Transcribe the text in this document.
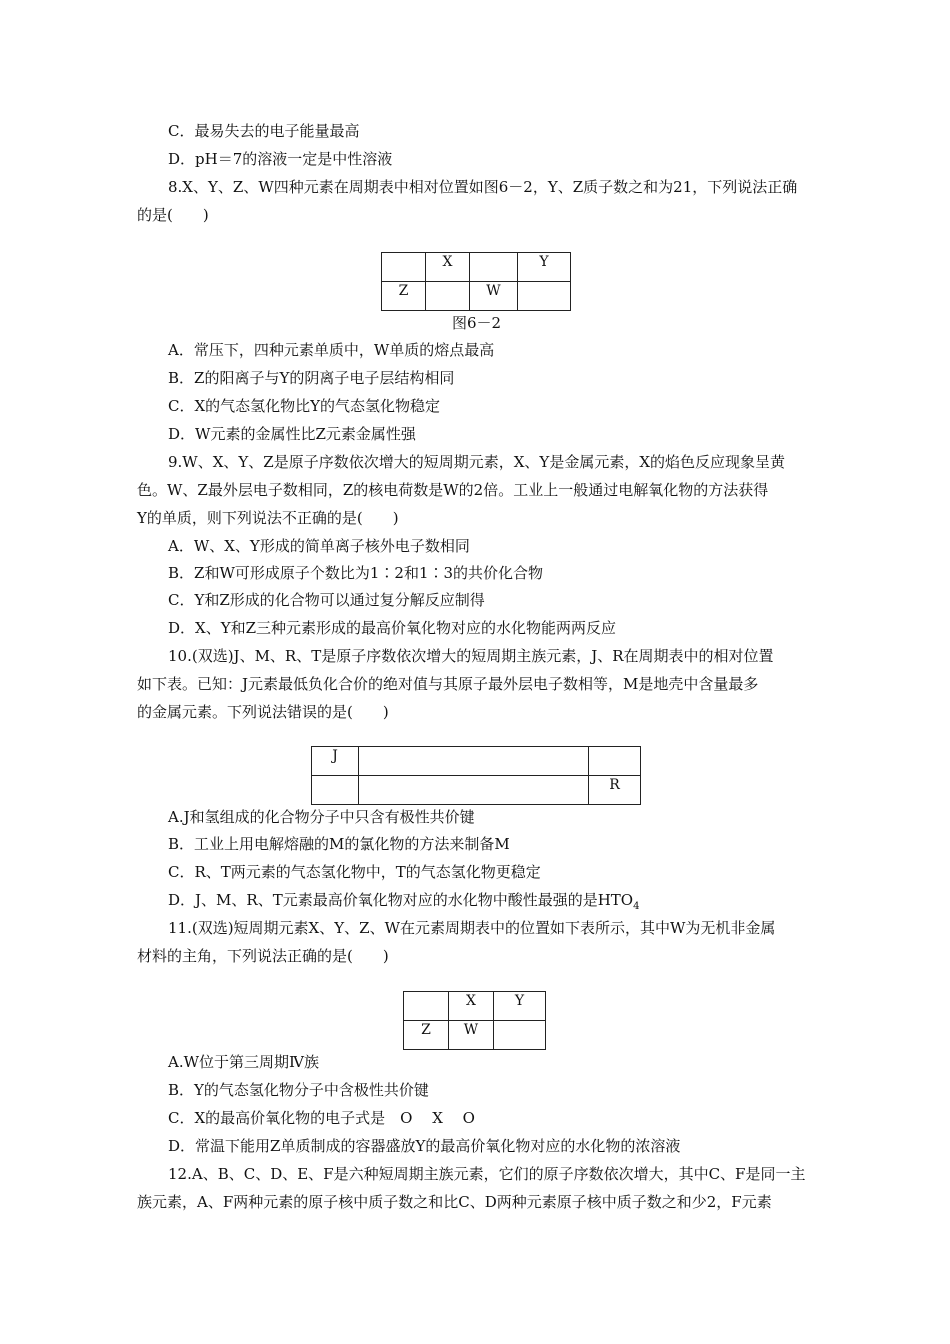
C．最易失去的电子能量最高
D．pH＝7的溶液一定是中性溶液
8.X、Y、Z、W四种元素在周期表中相对位置如图6－2，Y、Z质子数之和为21，下列说法正确
的是(　　)
	X		Y
Z		W	
图6－2
A．常压下，四种元素单质中，W单质的熔点最高
B．Z的阳离子与Y的阴离子电子层结构相同
C．X的气态氢化物比Y的气态氢化物稳定
D．W元素的金属性比Z元素金属性强
9.W、X、Y、Z是原子序数依次增大的短周期元素，X、Y是金属元素，X的焰色反应现象呈黄
色。W、Z最外层电子数相同，Z的核电荷数是W的2倍。工业上一般通过电解氧化物的方法获得
Y的单质，则下列说法不正确的是(　　)
A．W、X、Y形成的简单离子核外电子数相同
B．Z和W可形成原子个数比为1∶2和1∶3的共价化合物
C．Y和Z形成的化合物可以通过复分解反应制得
D．X、Y和Z三种元素形成的最高价氧化物对应的水化物能两两反应
10.(双选)J、M、R、T是原子序数依次增大的短周期主族元素，J、R在周期表中的相对位置
如下表。已知：J元素最低负化合价的绝对值与其原子最外层电子数相等，M是地壳中含量最多
的金属元素。下列说法错误的是(　　)
J		
		R
A.J和氢组成的化合物分子中只含有极性共价键
B．工业上用电解熔融的M的氯化物的方法来制备M
C．R、T两元素的气态氢化物中，T的气态氢化物更稳定
D．J、M、R、T元素最高价氧化物对应的水化物中酸性最强的是$HTO_4$
11.(双选)短周期元素X、Y、Z、W在元素周期表中的位置如下表所示，其中W为无机非金属
材料的主角，下列说法正确的是(　　)
	X	Y
Z	W	
A.W位于第三周期Ⅳ族
B．Y的气态氢化物分子中含极性共价键
C．X的最高价氧化物的电子式是　O　 X　 O
D．常温下能用Z单质制成的容器盛放Y的最高价氧化物对应的水化物的浓溶液
12.A、B、C、D、E、F是六种短周期主族元素，它们的原子序数依次增大，其中C、F是同一主
族元素，A、F两种元素的原子核中质子数之和比C、D两种元素原子核中质子数之和少2，F元素
